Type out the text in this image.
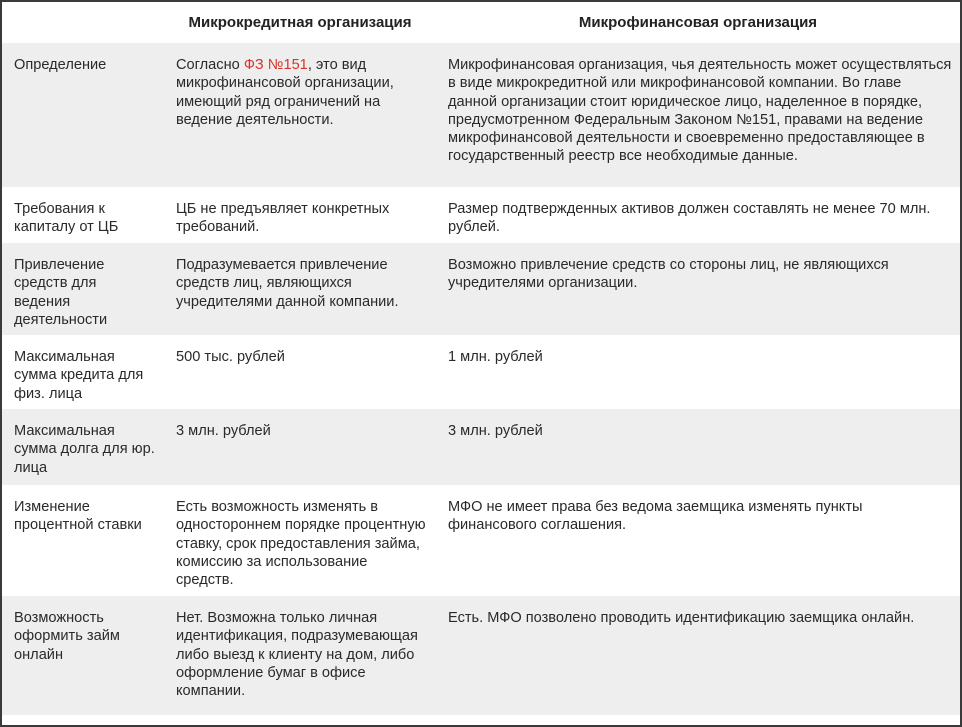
	Микрокредитная организация	Микрофинансовая организация
Определение	Согласно ФЗ №151, это вид микрофинансовой организации, имеющий ряд ограничений на ведение деятельности.	Микрофинансовая организация, чья деятельность может осуществляться в виде микрокредитной или микрофинансовой компании. Во главе данной организации стоит юридическое лицо, наделенное в порядке, предусмотренном Федеральным Законом №151, правами на ведение микрофинансовой деятельности и своевременно предоставляющее в государственный реестр все необходимые данные.
Требования к капиталу от ЦБ	ЦБ не предъявляет конкретных требований.	Размер подтвержденных активов должен составлять не менее 70 млн. рублей.
Привлечение средств для ведения деятельности	Подразумевается привлечение средств лиц, являющихся учредителями данной компании.	Возможно привлечение средств со стороны лиц, не являющихся учредителями организации.
Максимальная сумма кредита для физ. лица	500 тыс. рублей	1 млн. рублей
Максимальная сумма долга для юр. лица	3 млн. рублей	3 млн. рублей
Изменение процентной ставки	Есть возможность изменять в одностороннем порядке процентную ставку, срок предоставления займа, комиссию за использование средств.	МФО не имеет права без ведома заемщика изменять пункты финансового соглашения.
Возможность оформить займ онлайн	Нет. Возможна только личная идентификация, подразумевающая либо выезд к клиенту на дом, либо оформление бумаг в офисе компании.	Есть. МФО позволено проводить идентификацию заемщика онлайн.
